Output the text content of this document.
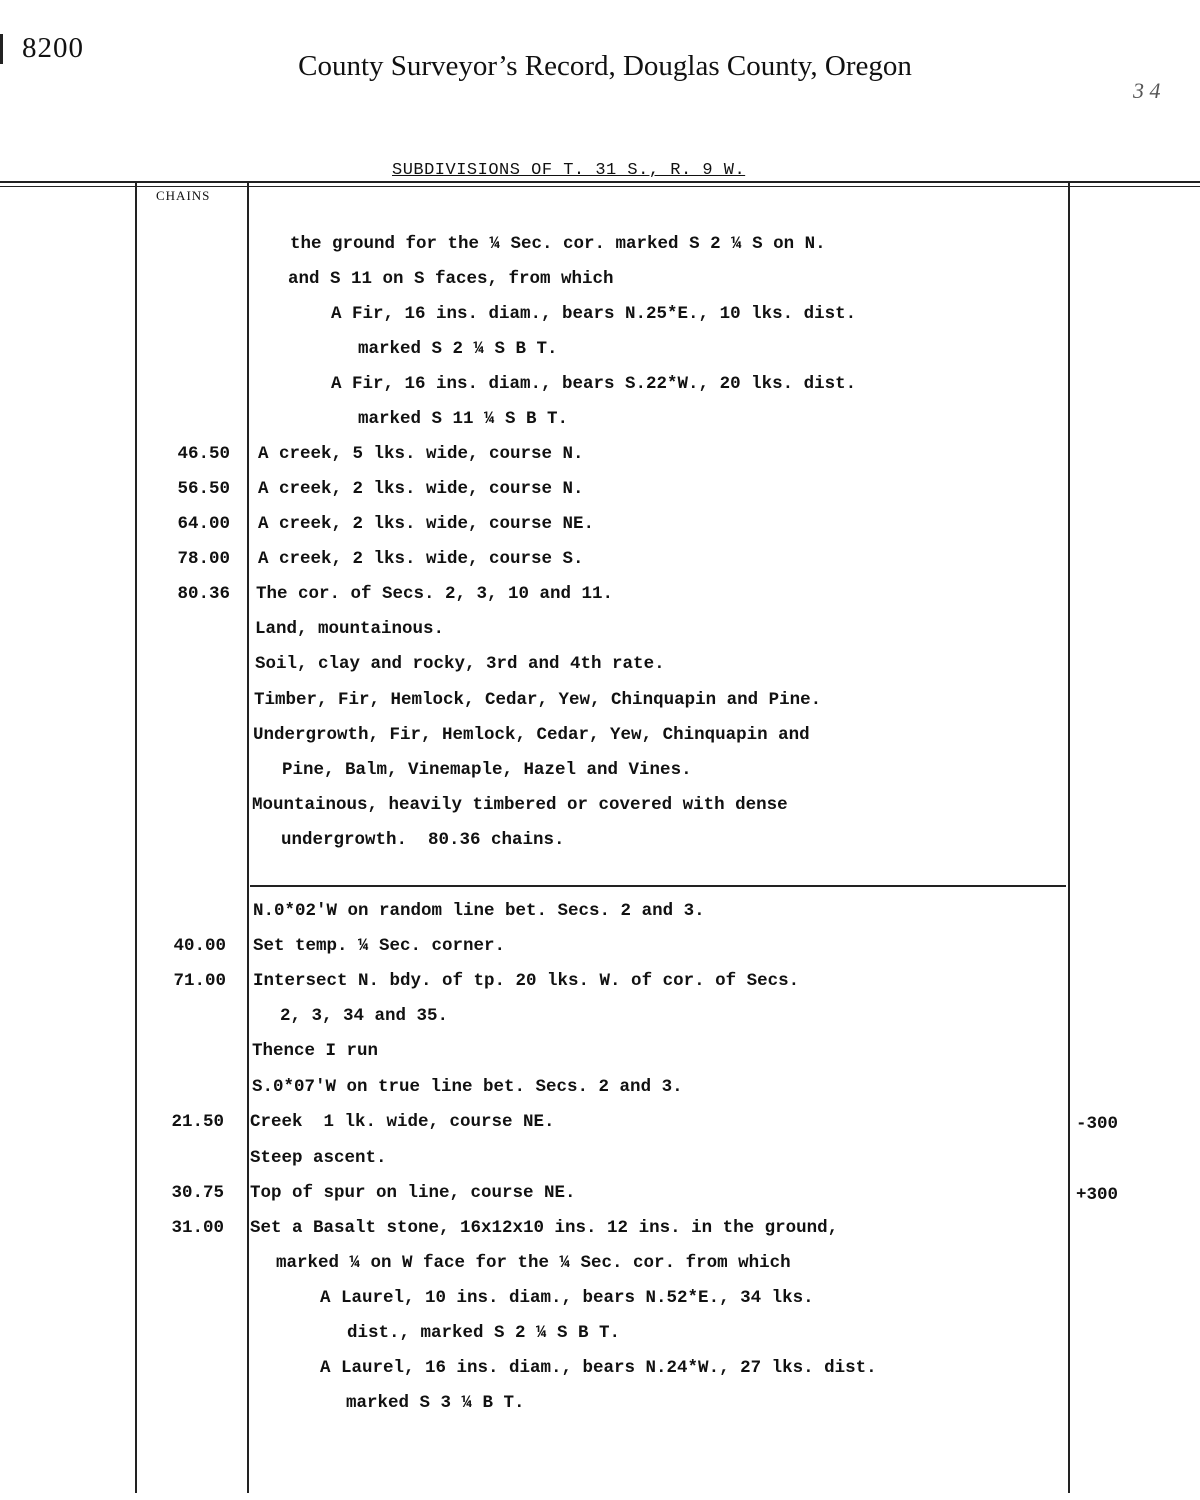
8200
County Surveyor’s Record, Douglas County, Oregon
3 4
SUBDIVISIONS OF T. 31 S., R. 9 W.
CHAINS
the ground for the ¼ Sec. cor. marked S 2 ¼ S on N.
and S 11 on S faces, from which
A Fir, 16 ins. diam., bears N.25*E., 10 lks. dist.
marked S 2 ¼ S B T.
A Fir, 16 ins. diam., bears S.22*W., 20 lks. dist.
marked S 11 ¼ S B T.
46.50 A creek, 5 lks. wide, course N.
56.50 A creek, 2 lks. wide, course N.
64.00 A creek, 2 lks. wide, course NE.
78.00 A creek, 2 lks. wide, course S.
80.36 The cor. of Secs. 2, 3, 10 and 11.
Land, mountainous.
Soil, clay and rocky, 3rd and 4th rate.
Timber, Fir, Hemlock, Cedar, Yew, Chinquapin and Pine.
Undergrowth, Fir, Hemlock, Cedar, Yew, Chinquapin and
Pine, Balm, Vinemaple, Hazel and Vines.
Mountainous, heavily timbered or covered with dense
undergrowth.  80.36 chains.
N.0*02'W on random line bet. Secs. 2 and 3.
40.00 Set temp. ¼ Sec. corner.
71.00 Intersect N. bdy. of tp. 20 lks. W. of cor. of Secs.
2, 3, 34 and 35.
Thence I run
S.0*07'W on true line bet. Secs. 2 and 3.
21.50 Creek  1 lk. wide, course NE.	-300
Steep ascent.
30.75 Top of spur on line, course NE.	+300
31.00 Set a Basalt stone, 16x12x10 ins. 12 ins. in the ground,
marked ¼ on W face for the ¼ Sec. cor. from which
A Laurel, 10 ins. diam., bears N.52*E., 34 lks.
dist., marked S 2 ¼ S B T.
A Laurel, 16 ins. diam., bears N.24*W., 27 lks. dist.
marked S 3 ¼ B T.
